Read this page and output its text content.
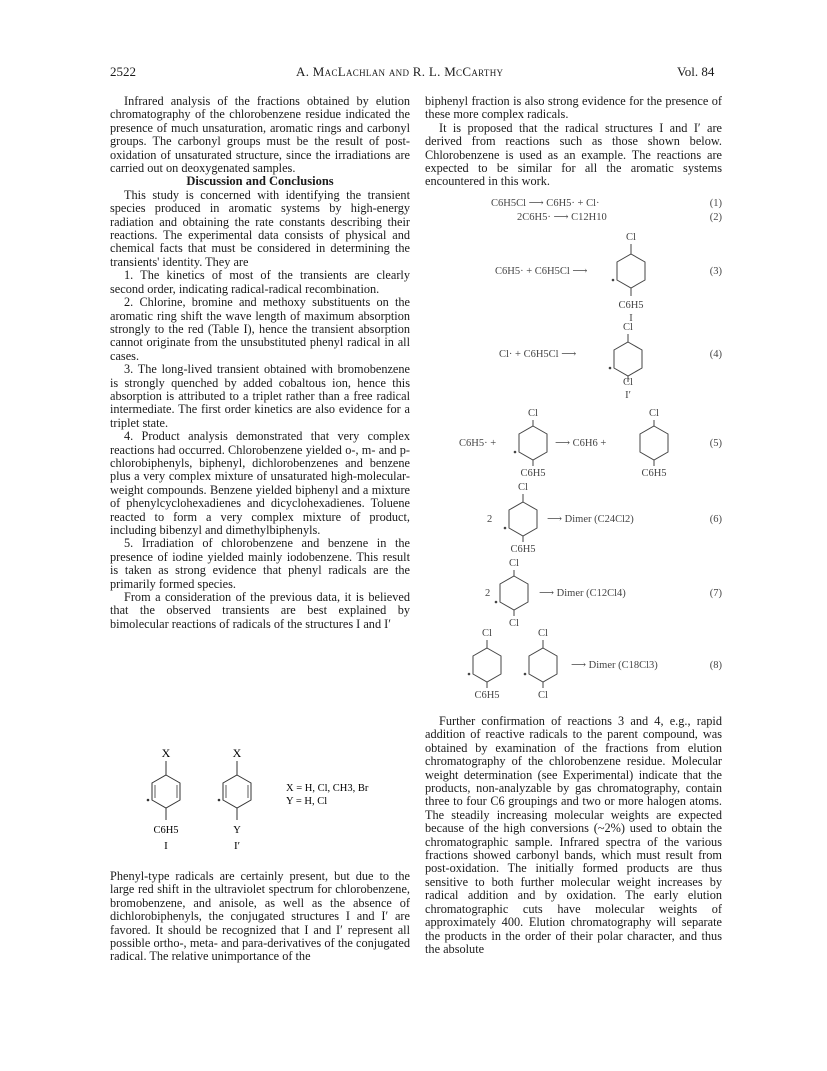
2522	A. MacLachlan and R. L. McCarthy	Vol. 84

Infrared analysis of the fractions obtained by elution chromatography of the chlorobenzene residue indicated the presence of much unsaturation, aromatic rings and carbonyl groups. The carbonyl groups must be the result of post-oxidation of unsaturated structure, since the irradiations are carried out on deoxygenated samples.

Discussion and Conclusions

This study is concerned with identifying the transient species produced in aromatic systems by high-energy radiation and obtaining the rate constants describing their reactions. The experimental data consists of physical and chemical facts that must be considered in determining the transients' identity. They are

1. The kinetics of most of the transients are clearly second order, indicating radical-radical recombination.

2. Chlorine, bromine and methoxy substituents on the aromatic ring shift the wave length of maximum absorption strongly to the red (Table I), hence the transient absorption cannot originate from the unsubstituted phenyl radical in all cases.

3. The long-lived transient obtained with bromobenzene is strongly quenched by added cobaltous ion, hence this absorption is attributed to a triplet rather than a free radical intermediate. The first order kinetics are also evidence for a triplet state.

4. Product analysis demonstrated that very complex reactions had occurred. Chlorobenzene yielded o-, m- and p-chlorobiphenyls, biphenyl, dichlorobenzenes and benzene plus a very complex mixture of unsaturated high-molecular-weight compounds. Benzene yielded biphenyl and a mixture of phenylcyclohexadienes and dicyclohexadienes. Toluene reacted to form a very complex mixture of product, including bibenzyl and dimethylbiphenyls.

5. Irradiation of chlorobenzene and benzene in the presence of iodine yielded mainly iodobenzene. This result is taken as strong evidence that phenyl radicals are the primarily formed species.

From a consideration of the previous data, it is believed that the observed transients are best explained by bimolecular reactions of radicals of the structures I and I′

X
C6H5
I
X
Y
I′
X = H, Cl, CH3, Br
Y = H, Cl

Phenyl-type radicals are certainly present, but due to the large red shift in the ultraviolet spectrum for chlorobenzene, bromobenzene, and anisole, as well as the absence of dichlorobiphenyls, the conjugated structures I and I′ are favored. It should be recognized that I and I′ represent all possible ortho-, meta- and para-derivatives of the conjugated radical. The relative unimportance of the

biphenyl fraction is also strong evidence for the presence of these more complex radicals.

It is proposed that the radical structures I and I′ are derived from reactions such as those shown below. Chlorobenzene is used as an example. The reactions are expected to be similar for all the aromatic systems encountered in this work.

C6H5Cl ⟶ C6H5· + Cl·	(1)
2C6H5· ⟶ C12H10	(2)
Cl
C6H5
I
C6H5· + C6H5Cl ⟶	(3)
Cl
Cl
I′
Cl· + C6H5Cl ⟶	(4)
Cl
C6H5
Cl
C6H5
C6H5· +	⟶ C6H6 +	(5)
Cl
C6H5
2	⟶ Dimer (C24Cl2)	(6)
Cl
Cl
2	⟶ Dimer (C12Cl4)	(7)
Cl
C6H5
Cl
Cl
⟶ Dimer (C18Cl3)	(8)

Further confirmation of reactions 3 and 4, e.g., rapid addition of reactive radicals to the parent compound, was obtained by examination of the fractions from elution chromatography of the chlorobenzene residue. Molecular weight determination (see Experimental) indicate that the products, non-analyzable by gas chromatography, contain three to four C6 groupings and two or more halogen atoms. The steadily increasing molecular weights are expected because of the high conversions (~2%) used to obtain the chromatographic sample. Infrared spectra of the various fractions showed carbonyl bands, which must result from post-oxidation. The initially formed products are thus sensitive to both further molecular weight increases by radical addition and by oxidation. The early elution chromatographic cuts have molecular weights of approximately 400. Elution chromatography will separate the products in the order of their polar character, and thus the absolute
